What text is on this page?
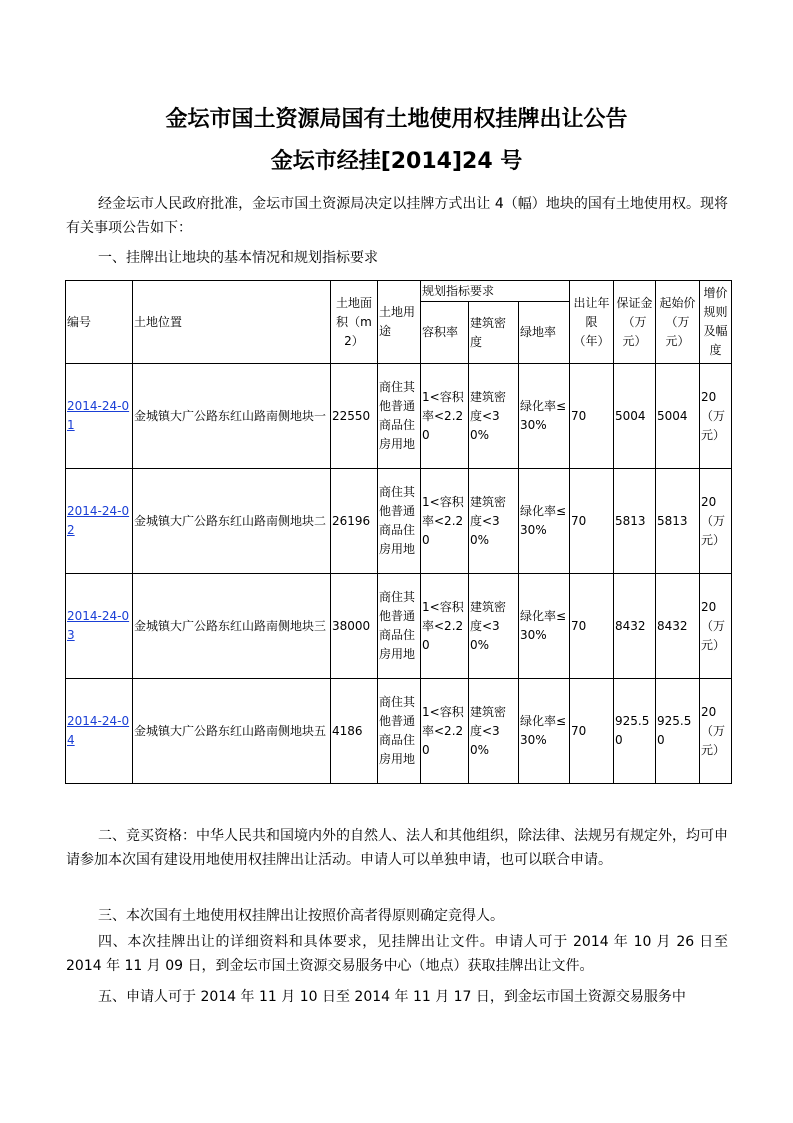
金坛市国土资源局国有土地使用权挂牌出让公告
金坛市经挂[2014]24 号
经金坛市人民政府批准，金坛市国土资源局决定以挂牌方式出让 4（幅）地块的国有土地使用权。现将有关事项公告如下：
一、挂牌出让地块的基本情况和规划指标要求
编号	土地位置	土地面积（m2）	土地用途	规划指标要求			出让年限（年）	保证金（万元）	起始价（万元）	增价规则及幅度
				容积率	建筑密度	绿地率				
2014-24-01	金城镇大广公路东红山路南侧地块一	22550	商住其他普通商品住房用地	1<容积率<2.20	建筑密度<30%	绿化率≤30%	70	5004	5004	20（万元）
2014-24-02	金城镇大广公路东红山路南侧地块二	26196	商住其他普通商品住房用地	1<容积率<2.20	建筑密度<30%	绿化率≤30%	70	5813	5813	20（万元）
2014-24-03	金城镇大广公路东红山路南侧地块三	38000	商住其他普通商品住房用地	1<容积率<2.20	建筑密度<30%	绿化率≤30%	70	8432	8432	20（万元）
2014-24-04	金城镇大广公路东红山路南侧地块五	4186	商住其他普通商品住房用地	1<容积率<2.20	建筑密度<30%	绿化率≤30%	70	925.50	925.50	20（万元）
二、竞买资格：中华人民共和国境内外的自然人、法人和其他组织，除法律、法规另有规定外，均可申请参加本次国有建设用地使用权挂牌出让活动。申请人可以单独申请，也可以联合申请。
三、本次国有土地使用权挂牌出让按照价高者得原则确定竞得人。
四、本次挂牌出让的详细资料和具体要求，见挂牌出让文件。申请人可于 2014 年 10 月 26 日至 2014 年 11 月 09 日，到金坛市国土资源交易服务中心（地点）获取挂牌出让文件。
五、申请人可于 2014 年 11 月 10 日至 2014 年 11 月 17 日，到金坛市国土资源交易服务中
